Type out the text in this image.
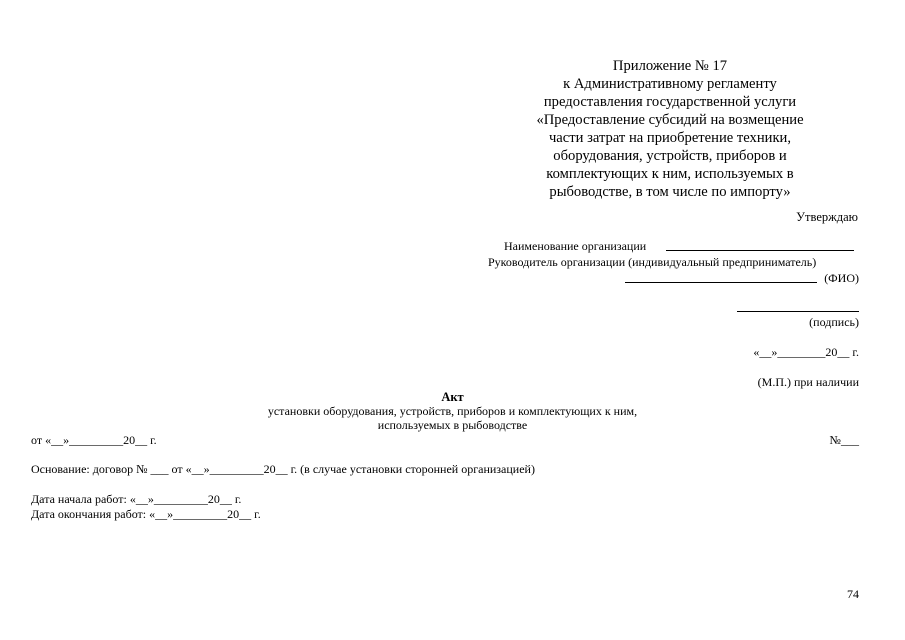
Приложение № 17
к Административному регламенту
предоставления государственной услуги
«Предоставление субсидий на возмещение
части затрат на приобретение техники,
оборудования, устройств, приборов и
комплектующих к ним, используемых в
рыбоводстве, в том числе по импорту»
Утверждаю
Наименование организации
Руководитель организации (индивидуальный предприниматель)
(ФИО)
(подпись)
«__»________20__ г.
(М.П.) при наличии
Акт
установки оборудования, устройств, приборов и комплектующих к ним,
используемых в рыбоводстве
от «__»_________20__ г.	№___
Основание: договор № ___ от «__»_________20__ г. (в случае установки сторонней организацией)
Дата начала работ: «__»_________20__ г.
Дата окончания работ: «__»_________20__ г.
74
